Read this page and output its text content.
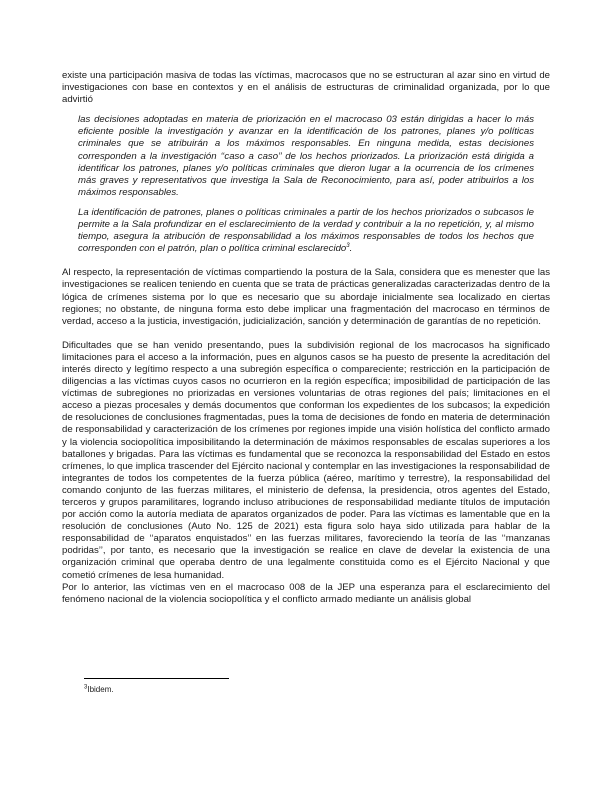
existe una participación masiva de todas las víctimas, macrocasos que no se estructuran al azar sino en virtud de investigaciones con base en contextos y en el análisis de estructuras de criminalidad organizada, por lo que advirtió

las decisiones adoptadas en materia de priorización en el macrocaso 03 están dirigidas a hacer lo más eficiente posible la investigación y avanzar en la identificación de los patrones, planes y/o políticas criminales que se atribuirán a los máximos responsables. En ninguna medida, estas decisiones corresponden a la investigación ‘‘caso a caso’’ de los hechos priorizados. La priorización está dirigida a identificar los patrones, planes y/o políticas criminales que dieron lugar a la ocurrencia de los crímenes más graves y representativos que investiga la Sala de Reconocimiento, para así, poder atribuirlos a los máximos responsables.
La identificación de patrones, planes o políticas criminales a partir de los hechos priorizados o subcasos le permite a la Sala profundizar en el esclarecimiento de la verdad y contribuir a la no repetición, y, al mismo tiempo, asegura la atribución de responsabilidad a los máximos responsables de todos los hechos que corresponden con el patrón, plan o política criminal esclarecido$^3$.

Al respecto, la representación de víctimas compartiendo la postura de la Sala, considera que es menester que las investigaciones se realicen teniendo en cuenta que se trata de prácticas generalizadas caracterizadas dentro de la lógica de crímenes sistema por lo que es necesario que su abordaje inicialmente sea localizado en ciertas regiones; no obstante, de ninguna forma esto debe implicar una fragmentación del macrocaso en términos de verdad, acceso a la justicia, investigación, judicialización, sanción y determinación de garantías de no repetición.

Dificultades que se han venido presentando, pues la subdivisión regional de los macrocasos ha significado limitaciones para el acceso a la información, pues en algunos casos se ha puesto de presente la acreditación del interés directo y legítimo respecto a una subregión específica o compareciente; restricción en la participación de diligencias a las víctimas cuyos casos no ocurrieron en la región específica; imposibilidad de participación de las víctimas de subregiones no priorizadas en versiones voluntarias de otras regiones del país; limitaciones en el acceso a piezas procesales y demás documentos que conforman los expedientes de los subcasos; la expedición de resoluciones de conclusiones fragmentadas, pues la toma de decisiones de fondo en materia de determinación de responsabilidad y caracterización de los crímenes por regiones impide una visión holística del conflicto armado y la violencia sociopolítica imposibilitando la determinación de máximos responsables de escalas superiores a los batallones y brigadas. Para las víctimas es fundamental que se reconozca la responsabilidad del Estado en estos crímenes, lo que implica trascender del Ejército nacional y contemplar en las investigaciones la responsabilidad de integrantes de todos los competentes de la fuerza pública (aéreo, marítimo y terrestre), la responsabilidad del comando conjunto de las fuerzas militares, el ministerio de defensa, la presidencia, otros agentes del Estado, terceros y grupos paramilitares, logrando incluso atribuciones de responsabilidad mediante títulos de imputación por acción como la autoría mediata de aparatos organizados de poder. Para las víctimas es lamentable que en la resolución de conclusiones (Auto No. 125 de 2021) esta figura solo haya sido utilizada para hablar de la responsabilidad de ‘‘aparatos enquistados’’ en las fuerzas militares, favoreciendo la teoría de las ‘‘manzanas podridas’’, por tanto, es necesario que la investigación se realice en clave de develar la existencia de una organización criminal que operaba dentro de una legalmente constituida como es el Ejército Nacional y que cometió crímenes de lesa humanidad.

Por lo anterior, las víctimas ven en el macrocaso 008 de la JEP una esperanza para el esclarecimiento del fenómeno nacional de la violencia sociopolítica y el conflicto armado mediante un análisis global

$^3$Ibidem.
